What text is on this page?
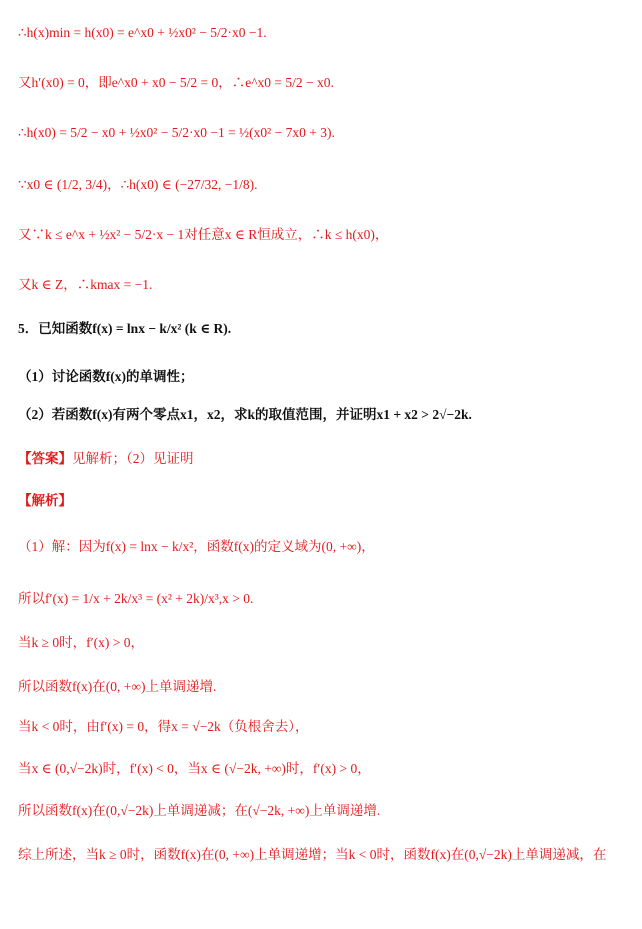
∴h(x)min = h(x0) = e^x0 + ½x0² − 5/2·x0 −1.
又h′(x0) = 0，即e^x0 + x0 − 5/2 = 0，∴e^x0 = 5/2 − x0.
∴h(x0) = 5/2 − x0 + ½x0² − 5/2·x0 −1 = ½(x0² − 7x0 + 3).
∵x0 ∈ (1/2, 3/4)，∴h(x0) ∈ (−27/32, −1/8).
又∵k ≤ e^x + ½x² − 5/2·x − 1对任意x ∈ R恒成立，∴k ≤ h(x0)，
又k ∈ Z，∴kmax = −1.
5．已知函数f(x) = lnx − k/x² (k ∈ R).
（1）讨论函数f(x)的单调性；
（2）若函数f(x)有两个零点x1，x2，求k的取值范围，并证明x1 + x2 > 2√−2k.
【答案】见解析；（2）见证明
【解析】
（1）解：因为f(x) = lnx − k/x²，函数f(x)的定义域为(0, +∞)，
所以f′(x) = 1/x + 2k/x³ = (x² + 2k)/x³,x > 0.
当k ≥ 0时，f′(x) > 0，
所以函数f(x)在(0, +∞)上单调递增.
当k < 0时，由f′(x) = 0，得x = √−2k（负根舍去），
当x ∈ (0,√−2k)时，f′(x) < 0，当x ∈ (√−2k, +∞)时，f′(x) > 0，
所以函数f(x)在(0,√−2k)上单调递减；在(√−2k, +∞)上单调递增.
综上所述，当k ≥ 0时，函数f(x)在(0, +∞)上单调递增；当k < 0时，函数f(x)在(0,√−2k)上单调递减，在
